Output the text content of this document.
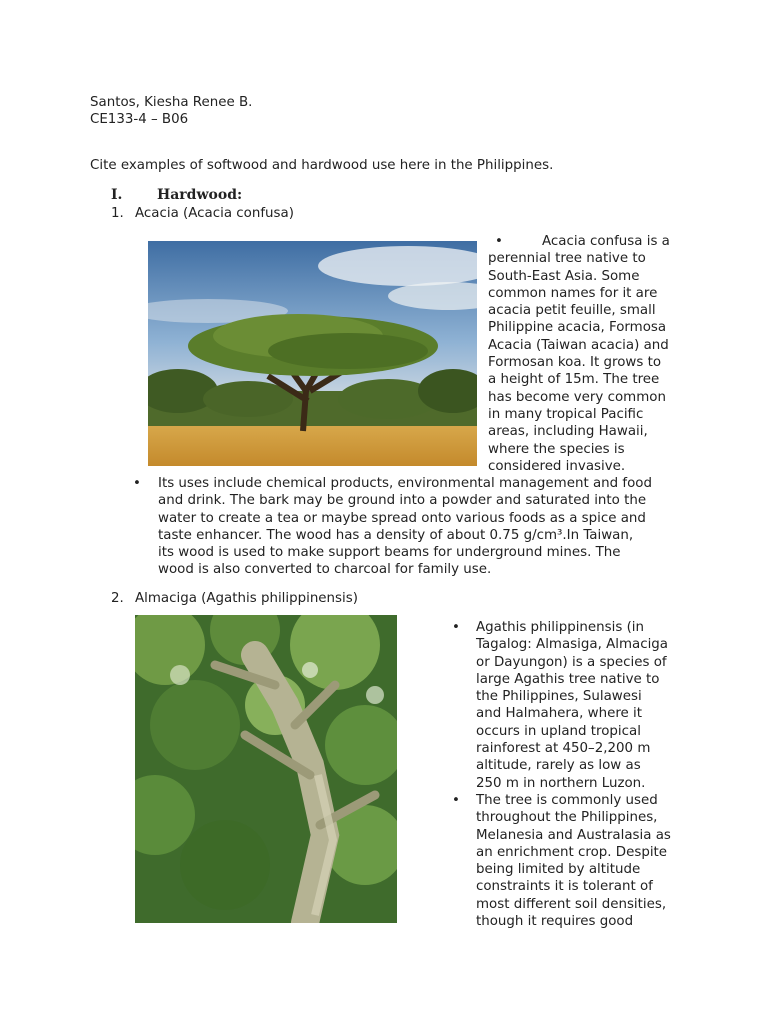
Santos, Kiesha Renee B.
CE133-4 – B06
Cite examples of softwood and hardwood use here in the Philippines.
I. Hardwood:
1. Acacia (Acacia confusa)
•	Acacia confusa is a
perennial tree native to
South-East Asia. Some
common names for it are
acacia petit feuille, small
Philippine acacia, Formosa
Acacia (Taiwan acacia) and
Formosan koa. It grows to
a height of 15m. The tree
has become very common
in many tropical Pacific
areas, including Hawaii,
where the species is
considered invasive.
• Its uses include chemical products, environmental management and food
and drink. The bark may be ground into a powder and saturated into the
water to create a tea or maybe spread onto various foods as a spice and
taste enhancer. The wood has a density of about 0.75 g/cm³.In Taiwan,
its wood is used to make support beams for underground mines. The
wood is also converted to charcoal for family use.
2. Almaciga (Agathis philippinensis)
• Agathis philippinensis (in
Tagalog: Almasiga, Almaciga
or Dayungon) is a species of
large Agathis tree native to
the Philippines, Sulawesi
and Halmahera, where it
occurs in upland tropical
rainforest at 450–2,200 m
altitude, rarely as low as
250 m in northern Luzon.
• The tree is commonly used
throughout the Philippines,
Melanesia and Australasia as
an enrichment crop. Despite
being limited by altitude
constraints it is tolerant of
most different soil densities,
though it requires good
